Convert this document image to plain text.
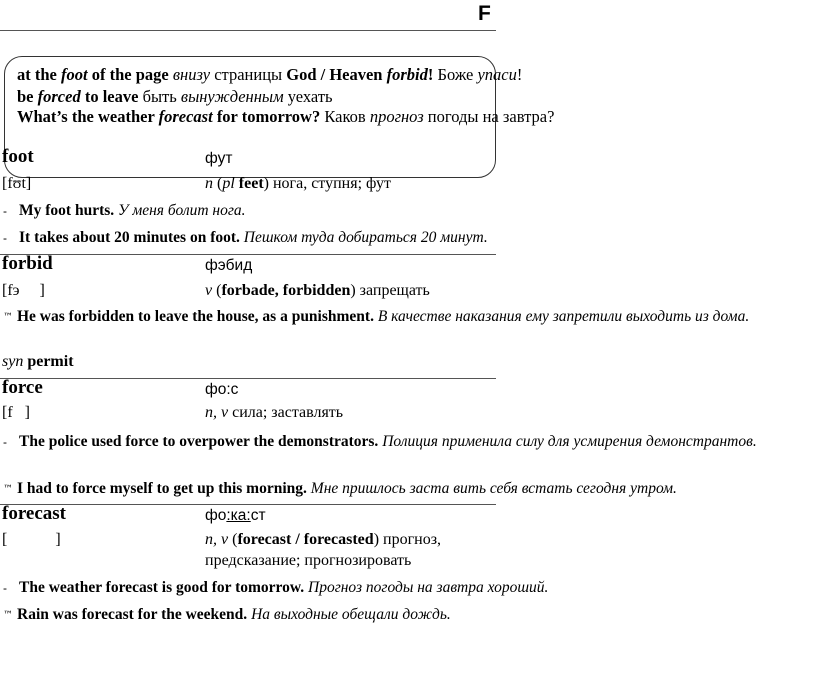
F
at the foot of the page внизу страницы God / Heaven forbid! Боже упаси!
be forced to leave быть вынужденным уехать
What’s the weather forecast for tomorrow? Каков прогноз погоды на завтра?
foot	фут
[fʊt]	n (pl feet) нога, ступня; фут
‐ My foot hurts. У меня болит нога.
‐ It takes about 20 minutes on foot. Пешком туда добираться 20 минут.
forbid	фэбид
[fэ     ]	v (forbade, forbidden) запрещать
™ He was forbidden to leave the house, as a punishment. В качестве наказания ему запретили выходить из дома.
syn permit
force	фо:с
[f   ]	n, v сила; заставлять
‐ The police used force to overpower the demonstrators. Полиция применила силу для усмирения демонстрантов.
™ I had to force myself to get up this morning. Мне пришлось заста вить себя встать сегодня утром.
forecast	фо:ка:ст
[            ]	n, v (forecast / forecasted) прогноз,
предсказание; прогнозировать
‐ The weather forecast is good for tomorrow. Прогноз погоды на завтра хороший.
™ Rain was forecast for the weekend. На выходные обещали дождь.
